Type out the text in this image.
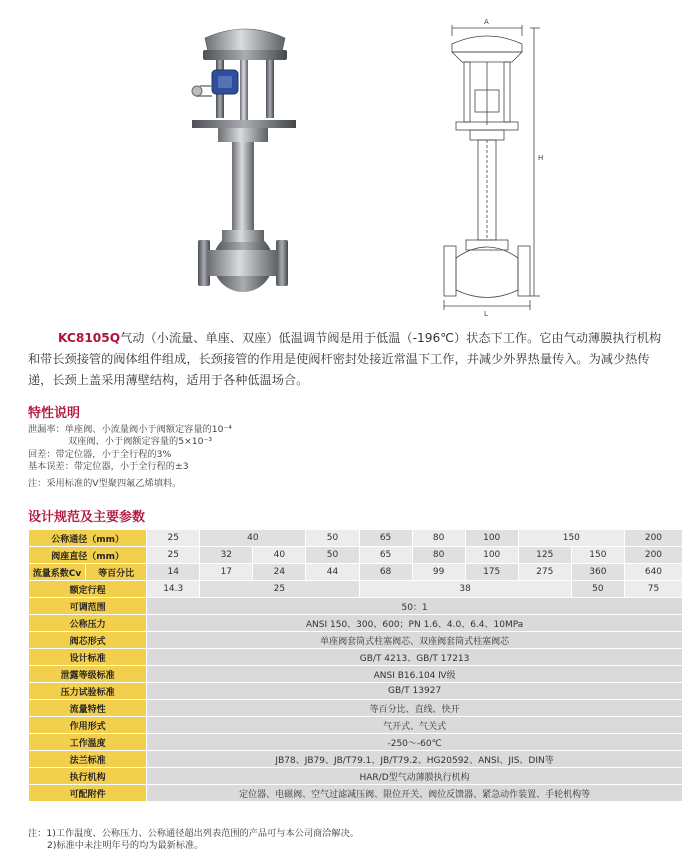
A
H
L
KC8105Q气动（小流量、单座、双座）低温调节阀是用于低温（-196℃）状态下工作。它由气动薄膜执行机构和带长颈接管的阀体组件组成，长颈接管的作用是使阀杆密封处接近常温下工作，并减少外界热量传入。为减少热传递，长颈上盖采用薄壁结构，适用于各种低温场合。
特性说明
泄漏率：单座阀、小流量阀小于阀额定容量的10⁻⁴
双座阀、小于阀额定容量的5×10⁻³
回差：带定位器，小于全行程的3%
基本误差：带定位器，小于全行程的±3
注：采用标准的V型聚四氟乙烯填料。
设计规范及主要参数
公称通径（mm）		25	40		50	65	80	100	150		200
阀座直径（mm）		25	32	40	50	65	80	100	125	150	200
流量系数Cv	等百分比	14	17	24	44	68	99	175	275	360	640
额定行程		14.3	25			38				50	75
可调范围		50：1									
公称压力		ANSI 150、300、600；PN 1.6、4.0、6.4、10MPa									
阀芯形式		单座阀套筒式柱塞阀芯、双座阀套筒式柱塞阀芯									
设计标准		GB/T 4213、GB/T 17213									
泄露等级标准		ANSI B16.104 Ⅳ级									
压力试验标准		GB/T 13927									
流量特性		等百分比、直线、快开									
作用形式		气开式、气关式									
工作温度		-250～-60℃									
法兰标准		JB78、JB79、JB/T79.1、JB/T79.2、HG20592、ANSI、JIS、DIN等									
执行机构		HAR/D型气动薄膜执行机构									
可配附件		定位器、电磁阀、空气过滤减压阀、限位开关、阀位反馈器、紧急动作装置、手轮机构等									
注：1)工作温度、公称压力、公称通径超出列表范围的产品可与本公司商洽解决。
2)标准中未注明年号的均为最新标准。
